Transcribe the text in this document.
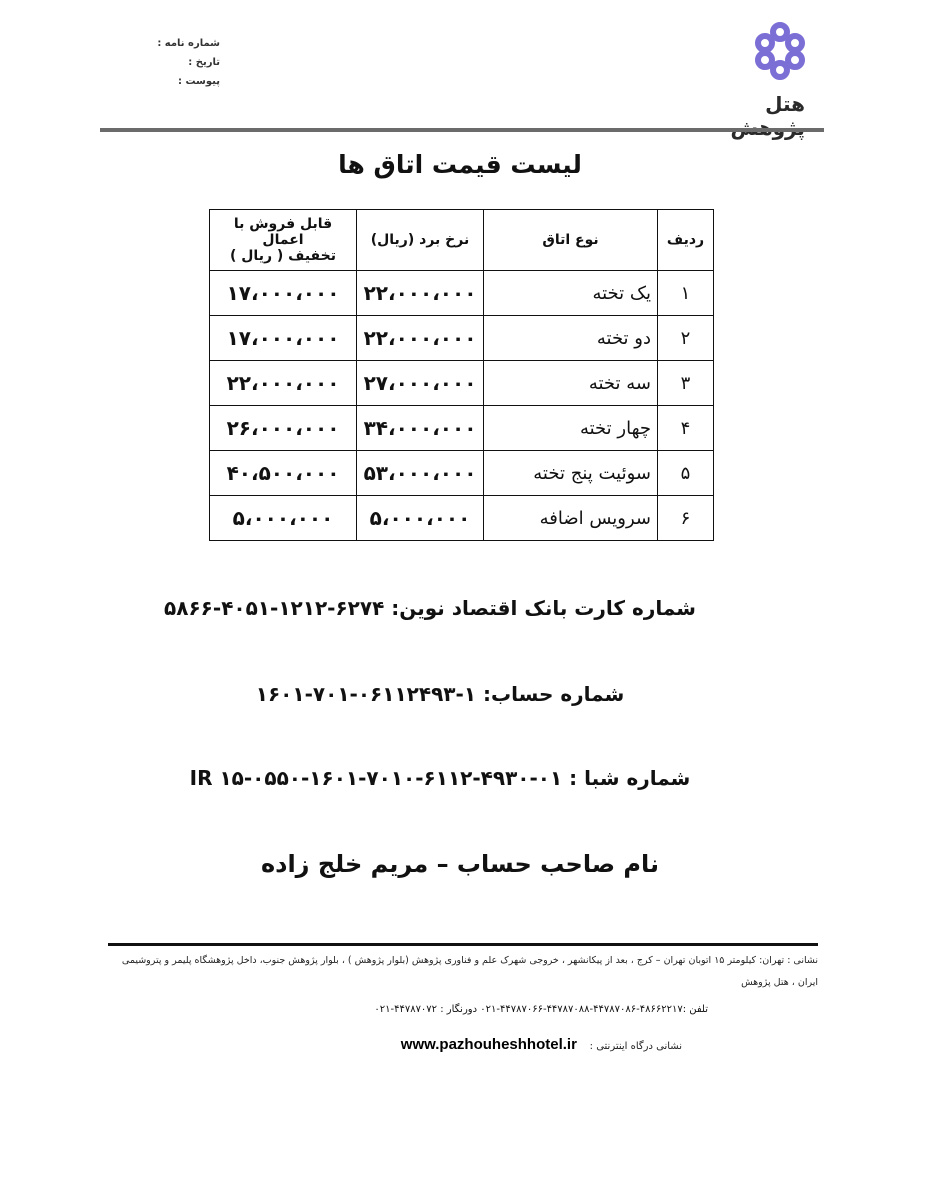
شماره نامه :
تاریخ :
پیوست :
هتل
لیست قیمت اتاق ها
ردیف	نوع اتاق	نرخ برد (ریال)	قابل فروش با اعمال
تخفیف ( ریال )

۱	یک تخته	۲۲،۰۰۰،۰۰۰	۱۷،۰۰۰،۰۰۰
۲	دو تخته	۲۲،۰۰۰،۰۰۰	۱۷،۰۰۰،۰۰۰
۳	سه تخته	۲۷،۰۰۰،۰۰۰	۲۲،۰۰۰،۰۰۰
۴	چهار تخته	۳۴،۰۰۰،۰۰۰	۲۶،۰۰۰،۰۰۰
۵	سوئیت پنج تخته	۵۳،۰۰۰،۰۰۰	۴۰،۵۰۰،۰۰۰
۶	سرویس اضافه	۵،۰۰۰،۰۰۰	۵،۰۰۰،۰۰۰
شماره کارت بانک اقتصاد نوین: ۶۲۷۴-۱۲۱۲-۴۰۵۱-۵۸۶۶
شماره حساب: ۱-۰۶۱۱۲۴۹۳-۷۰۱-۱۶۰۱
شماره شبا : IR ۱۵-۰۵۵۰-۱۶۰۱-۷۰۱۰-۶۱۱۲-۴۹۳۰-۰۱
نام صاحب حساب – مریم خلج زاده
نشانی : تهران: کیلومتر ۱۵ اتوبان تهران – کرج ، بعد از پیکانشهر ، خروجی شهرک علم و فناوری پژوهش (بلوار پژوهش ) ، بلوار پژوهش جنوب، داخل پژوهشگاه پلیمر و پتروشیمی ایران ، هتل پژوهش
تلفن :۴۸۶۶۲۲۱۷-۴۴۷۸۷۰۸۶-۴۴۷۸۷۰۸۸-۴۴۷۸۷۰۶۶-۰۲۱ دورنگار : ۴۴۷۸۷۰۷۲-۰۲۱
نشانی درگاه اینترنتی :    www.pazhouheshhotel.ir
